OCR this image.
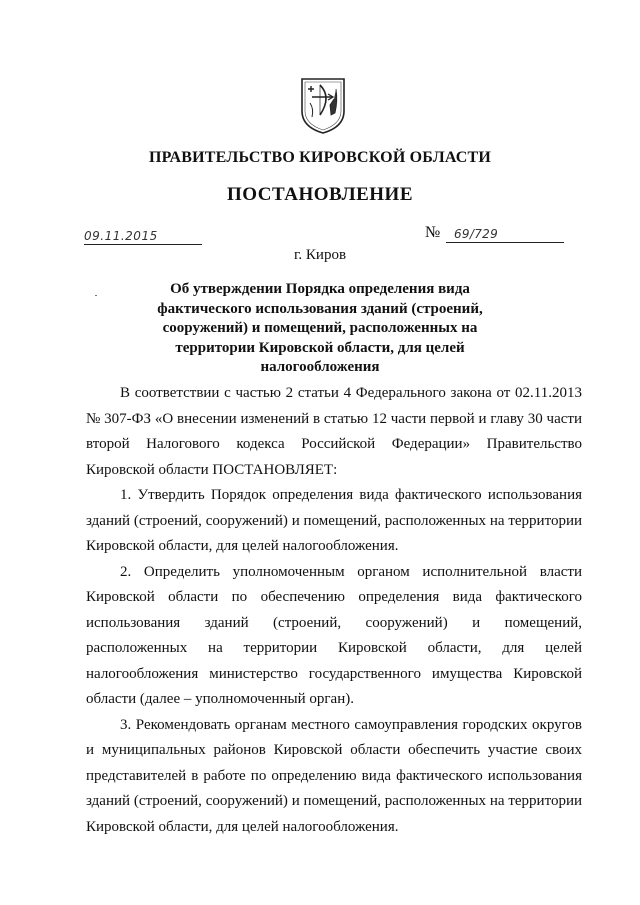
ПРАВИТЕЛЬСТВО КИРОВСКОЙ ОБЛАСТИ
ПОСТАНОВЛЕНИЕ
09.11.2015	№ 69/729
г. Киров
Об утверждении Порядка определения вида фактического использования зданий (строений, сооружений) и помещений, расположенных на территории Кировской области, для целей налогообложения

В соответствии с частью 2 статьи 4 Федерального закона от 02.11.2013 № 307-ФЗ «О внесении изменений в статью 12 части первой и главу 30 части второй Налогового кодекса Российской Федерации» Правительство Кировской области ПОСТАНОВЛЯЕТ:

1. Утвердить Порядок определения вида фактического использования зданий (строений, сооружений) и помещений, расположенных на территории Кировской области, для целей налогообложения.

2. Определить уполномоченным органом исполнительной власти Кировской области по обеспечению определения вида фактического использования зданий (строений, сооружений) и помещений, расположенных на территории Кировской области, для целей налогообложения министерство государственного имущества Кировской области (далее – уполномоченный орган).

3. Рекомендовать органам местного самоуправления городских округов и муниципальных районов Кировской области обеспечить участие своих представителей в работе по определению вида фактического использования зданий (строений, сооружений) и помещений, расположенных на территории Кировской области, для целей налогообложения.
